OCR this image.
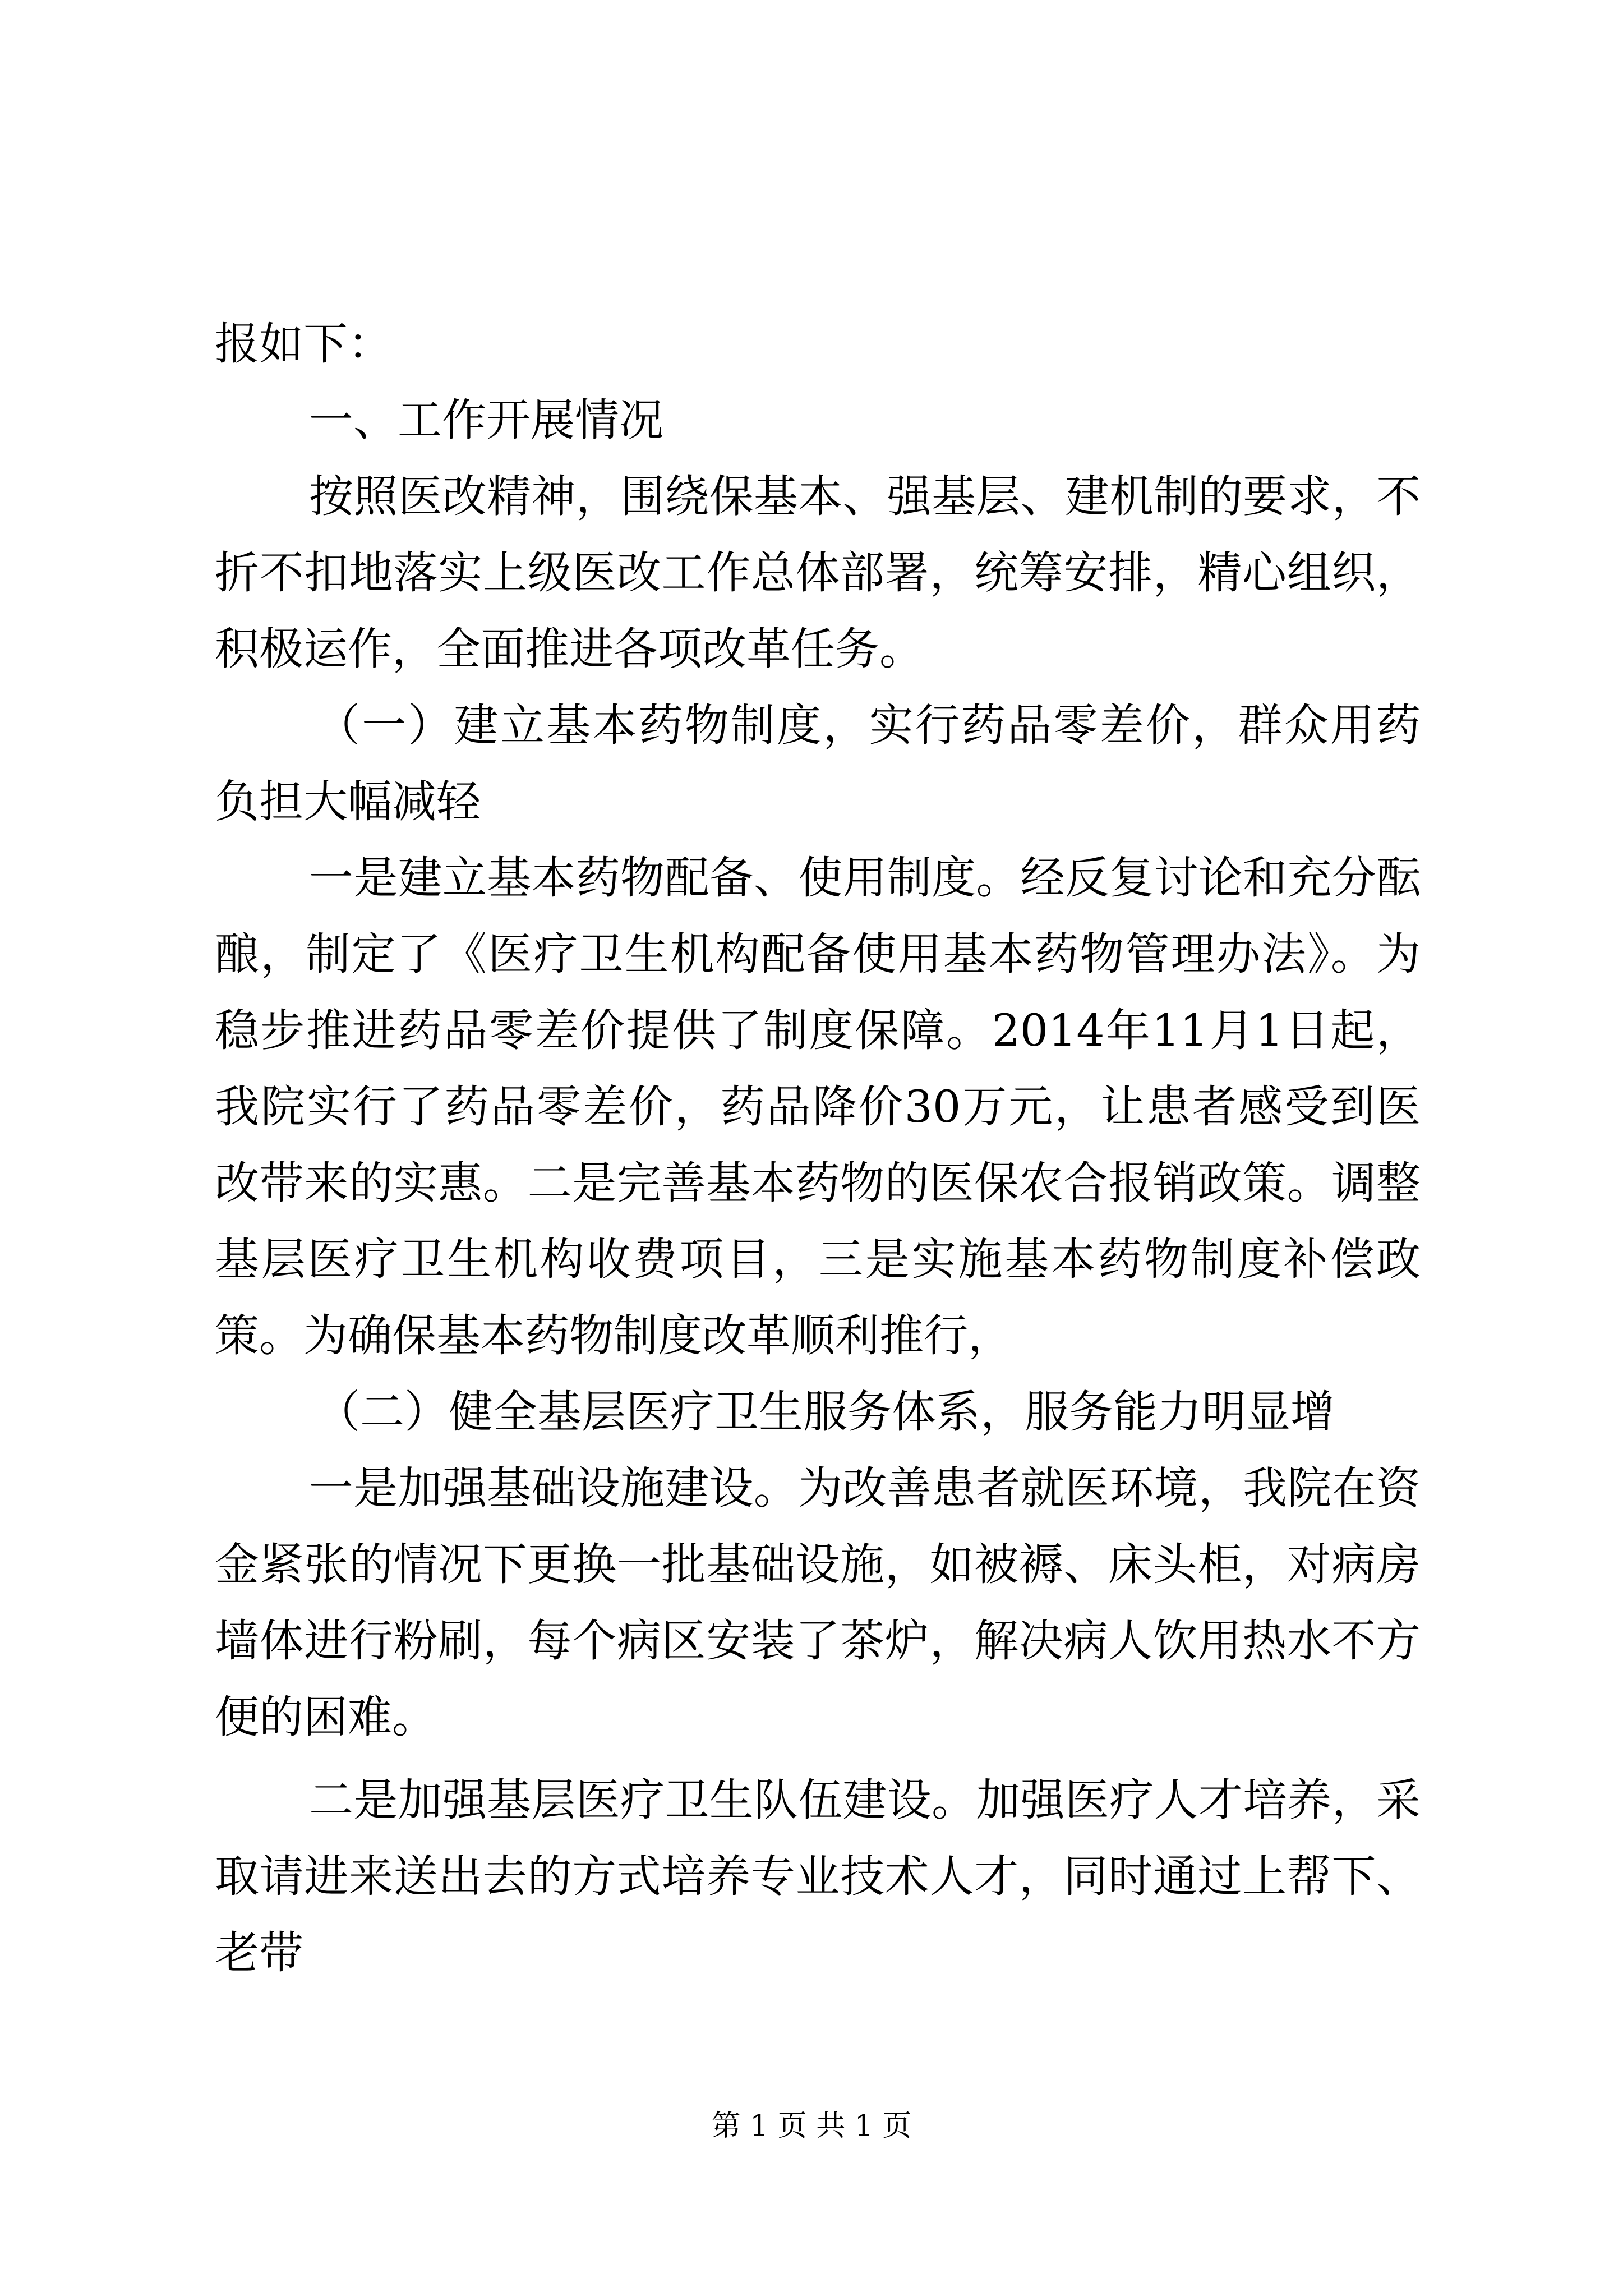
报如下：

一、工作开展情况

按照医改精神，围绕保基本、强基层、建机制的要求，不折不扣地落实上级医改工作总体部署，统筹安排，精心组织，积极运作，全面推进各项改革任务。

（一）建立基本药物制度，实行药品零差价，群众用药负担大幅减轻

一是建立基本药物配备、使用制度。经反复讨论和充分酝酿，制定了《医疗卫生机构配备使用基本药物管理办法》。为稳步推进药品零差价提供了制度保障。2014年11月1日起，我院实行了药品零差价，药品降价30万元，让患者感受到医改带来的实惠。二是完善基本药物的医保农合报销政策。调整基层医疗卫生机构收费项目，三是实施基本药物制度补偿政策。为确保基本药物制度改革顺利推行，

（二）健全基层医疗卫生服务体系，服务能力明显增

一是加强基础设施建设。为改善患者就医环境，我院在资金紧张的情况下更换一批基础设施，如被褥、床头柜，对病房墙体进行粉刷，每个病区安装了茶炉，解决病人饮用热水不方便的困难。

二是加强基层医疗卫生队伍建设。加强医疗人才培养，采取请进来送出去的方式培养专业技术人才，同时通过上帮下、老带

第 1 页 共 1 页
